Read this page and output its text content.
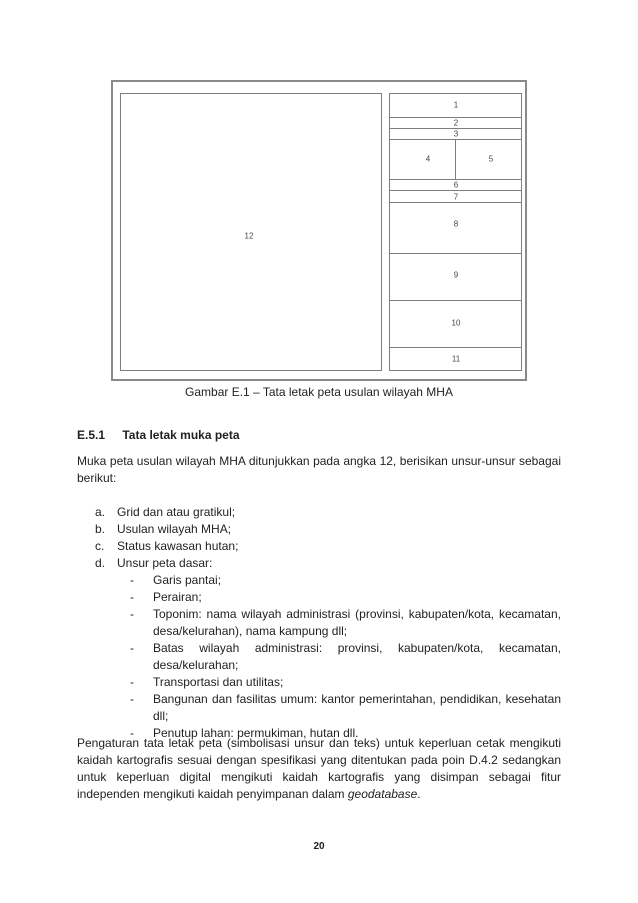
12
1
2
3
4	5
6
7
8
9
10
11
Gambar E.1 – Tata letak peta usulan wilayah MHA
E.5.1 Tata letak muka peta
Muka peta usulan wilayah MHA ditunjukkan pada angka 12, berisikan unsur-unsur sebagai berikut:
a. Grid dan atau gratikul;
b. Usulan wilayah MHA;
c. Status kawasan hutan;
d. Unsur peta dasar:
- Garis pantai;
- Perairan;
- Toponim: nama wilayah administrasi (provinsi, kabupaten/kota, kecamatan, desa/kelurahan), nama kampung dll;
- Batas wilayah administrasi: provinsi, kabupaten/kota, kecamatan, desa/kelurahan;
- Transportasi dan utilitas;
- Bangunan dan fasilitas umum: kantor pemerintahan, pendidikan, kesehatan dll;
- Penutup lahan: permukiman, hutan dll.
Pengaturan tata letak peta (simbolisasi unsur dan teks) untuk keperluan cetak mengikuti kaidah kartografis sesuai dengan spesifikasi yang ditentukan pada poin D.4.2 sedangkan untuk keperluan digital mengikuti kaidah kartografis yang disimpan sebagai fitur independen mengikuti kaidah penyimpanan dalam geodatabase.
20
